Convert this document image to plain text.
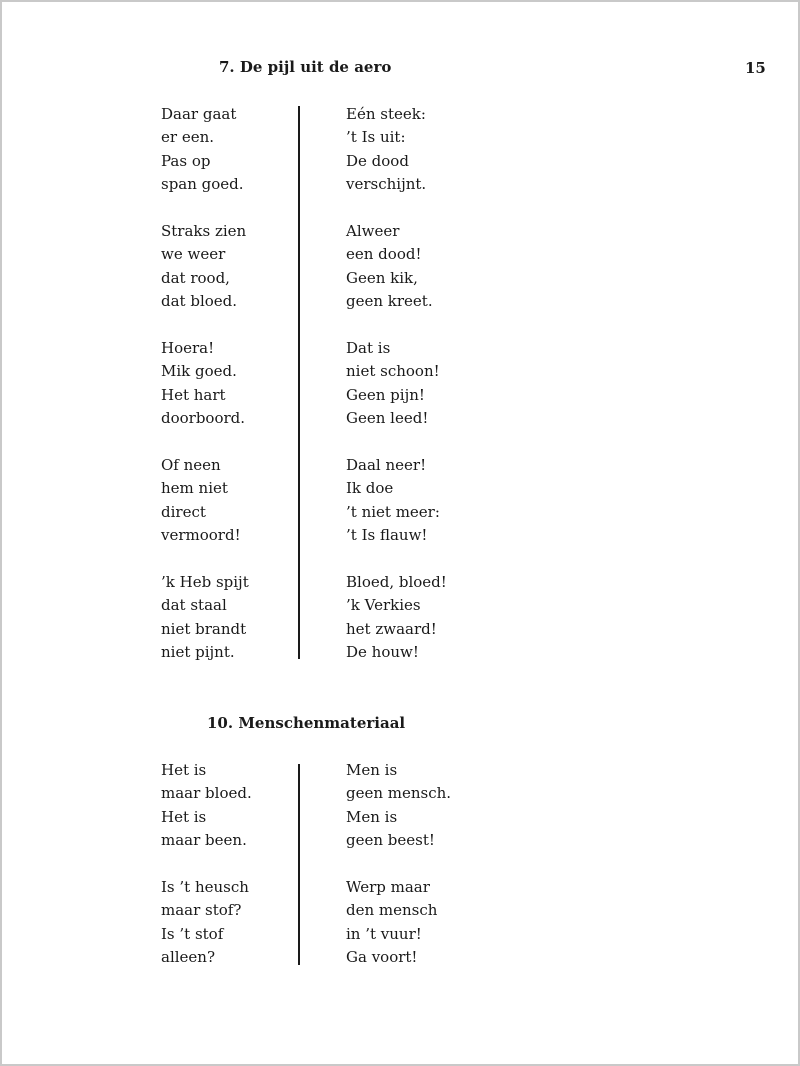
15
7. De pijl uit de aero
Daar gaat
er een.
Pas op
span goed.
Straks zien
we weer
dat rood,
dat bloed.
Hoera!
Mik goed.
Het hart
doorboord.
Of neen
hem niet
direct
vermoord!
’k Heb spijt
dat staal
niet brandt
niet pijnt.
Eén steek:
’t Is uit:
De dood
verschijnt.
Alweer
een dood!
Geen kik,
geen kreet.
Dat is
niet schoon!
Geen pijn!
Geen leed!
Daal neer!
Ik doe
’t niet meer:
’t Is flauw!
Bloed, bloed!
’k Verkies
het zwaard!
De houw!
10. Menschenmateriaal
Het is
maar bloed.
Het is
maar been.
Is ’t heusch
maar stof?
Is ’t stof
alleen?
Men is
geen mensch.
Men is
geen beest!
Werp maar
den mensch
in ’t vuur!
Ga voort!
